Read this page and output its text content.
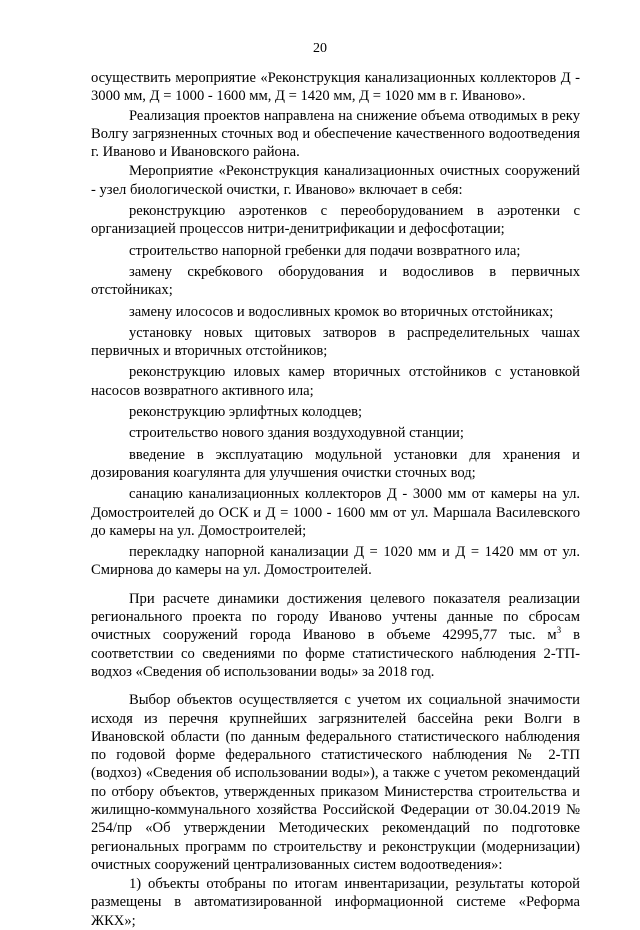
20

осуществить мероприятие «Реконструкция канализационных коллекторов Д - 3000 мм, Д = 1000 - 1600 мм, Д = 1420 мм, Д = 1020 мм в г. Иваново».

Реализация проектов направлена на снижение объема отводимых в реку Волгу загрязненных сточных вод и обеспечение качественного водоотведения г. Иваново и Ивановского района.

Мероприятие «Реконструкция канализационных очистных сооружений - узел биологической очистки, г. Иваново» включает в себя:

реконструкцию аэротенков с переоборудованием в аэротенки с организацией процессов нитри-денитрификации и дефосфотации;

строительство напорной гребенки для подачи возвратного ила;

замену скребкового оборудования и водосливов в первичных отстойниках;

замену илососов и водосливных кромок во вторичных отстойниках;

установку новых щитовых затворов в распределительных чашах первичных и вторичных отстойников;

реконструкцию иловых камер вторичных отстойников с установкой насосов возвратного активного ила;

реконструкцию эрлифтных колодцев;

строительство нового здания воздуходувной станции;

введение в эксплуатацию модульной установки для хранения и дозирования коагулянта для улучшения очистки сточных вод;

санацию канализационных коллекторов Д - 3000 мм от камеры на ул. Домостроителей до ОСК и Д = 1000 - 1600 мм от ул. Маршала Василевского до камеры на ул. Домостроителей;

перекладку напорной канализации Д = 1020 мм и Д = 1420 мм от ул. Смирнова до камеры на ул. Домостроителей.

При расчете динамики достижения целевого показателя реализации регионального проекта по городу Иваново учтены данные по сбросам очистных сооружений города Иваново в объеме 42995,77 тыс. $м^3$ в соответствии со сведениями по форме статистического наблюдения 2-ТП-водхоз «Сведения об использовании воды» за 2018 год.

Выбор объектов осуществляется с учетом их социальной значимости исходя из перечня крупнейших загрязнителей бассейна реки Волги в Ивановской области (по данным федерального статистического наблюдения по годовой форме федерального статистического наблюдения № 2-ТП (водхоз) «Сведения об использовании воды»), а также с учетом рекомендаций по отбору объектов, утвержденных приказом Министерства строительства и жилищно-коммунального хозяйства Российской Федерации от 30.04.2019 № 254/пр «Об утверждении Методических рекомендаций по подготовке региональных программ по строительству и реконструкции (модернизации) очистных сооружений централизованных систем водоотведения»:

1) объекты отобраны по итогам инвентаризации, результаты которой размещены в автоматизированной информационной системе «Реформа ЖКХ»;
